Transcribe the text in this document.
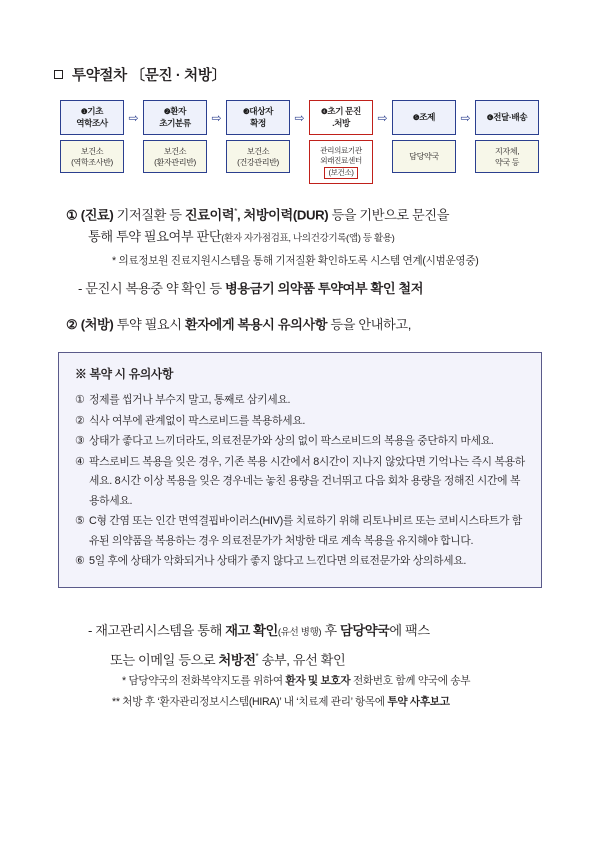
투약절차 〔문진 · 처방〕
❶기초
역학조사
보건소
(역학조사반)
⇨	❷환자
초기분류
보건소
(환자관리반)
⇨	❸대상자
확정
보건소
(건강관리반)
⇨	❹초기 문진
.처방
관리의료기관
외래진료센터
(보건소)
⇨	❺조제
담당약국
⇨	❻전달·배송
지자체,
약국 등
① (진료) 기저질환 등 진료이력*, 처방이력(DUR) 등을 기반으로 문진을
통해 투약 필요여부 판단(환자 자가점검표, 나의건강기록(앱) 등 활용)
* 의료정보원 진료지원시스템을 통해 기저질환 확인하도록 시스템 연계(시범운영중)
- 문진시 복용중 약 확인 등 병용금기 의약품 투약여부 확인 철저
② (처방) 투약 필요시 환자에게 복용시 유의사항 등을 안내하고,
※ 복약 시 유의사항
① 정제를 씹거나 부수지 말고, 통째로 삼키세요.
② 식사 여부에 관계없이 팍스로비드를 복용하세요.
③ 상태가 좋다고 느끼더라도, 의료전문가와 상의 없이 팍스로비드의 복용을 중단하지 마세요.
④ 팍스로비드 복용을 잊은 경우, 기존 복용 시간에서 8시간이 지나지 않았다면 기억나는 즉시 복용하세요. 8시간 이상 복용을 잊은 경우네는 놓친 용량을 건너뛰고 다음 회차 용량을 정해진 시간에 복용하세요.
⑤ C형 간염 또는 인간 면역결핍바이러스(HIV)를 치료하기 위해 리토나비르 또는 코비시스타트가 함유된 의약품을 복용하는 경우 의료전문가가 처방한 대로 계속 복용을 유지해야 합니다.
⑥ 5일 후에 상태가 악화되거나 상태가 좋지 않다고 느낀다면 의료전문가와 상의하세요.
- 재고관리시스템을 통해 재고 확인(유선 병행) 후 담당약국에 팩스
또는 이메일 등으로 처방전* 송부, 유선 확인
* 담당약국의 전화복약지도를 위하여 환자 및 보호자 전화번호 함께 약국에 송부
** 처방 후 ‘환자관리정보시스템(HIRA)’ 내 ‘치료제 관리’ 항목에 투약 사후보고
